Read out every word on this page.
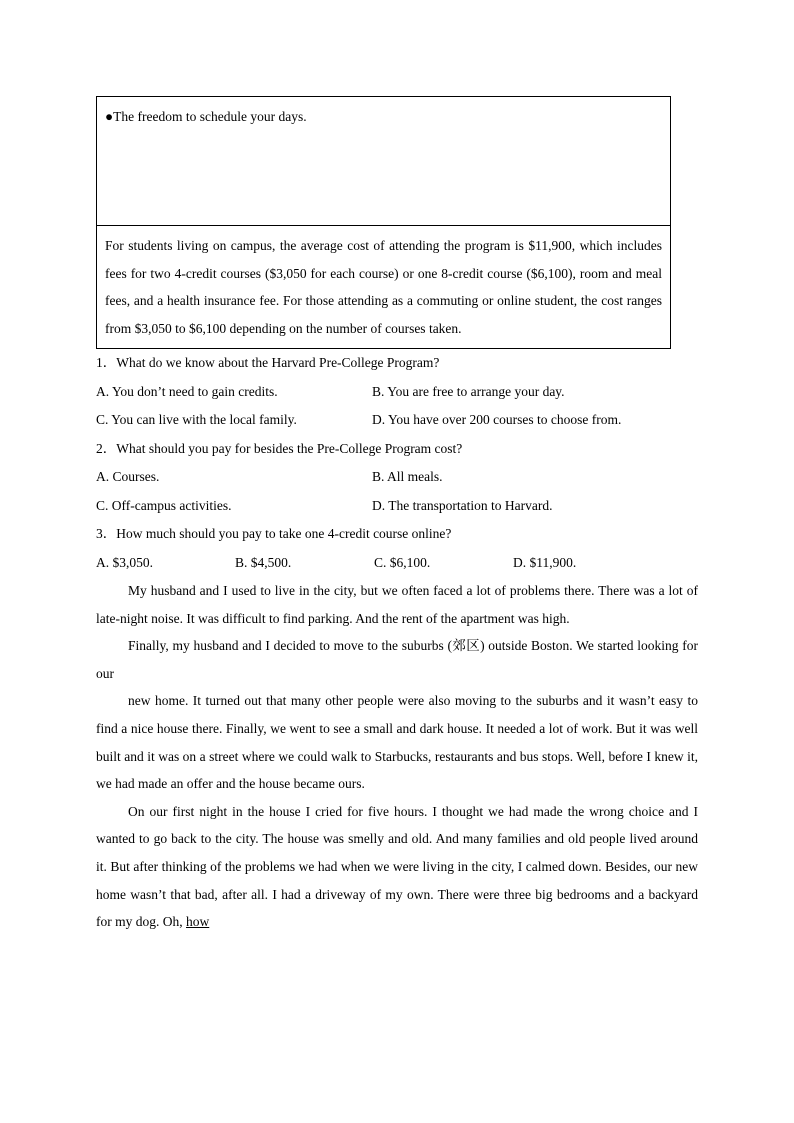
●The freedom to schedule your days.
For students living on campus, the average cost of attending the program is $11,900, which includes fees for two 4-credit courses ($3,050 for each course) or one 8-credit course ($6,100), room and meal fees, and a health insurance fee. For those attending as a commuting or online student, the cost ranges from $3,050 to $6,100 depending on the number of courses taken.
1．What do we know about the Harvard Pre-College Program?
A. You don’t need to gain credits.	B. You are free to arrange your day.
C. You can live with the local family.	D. You have over 200 courses to choose from.
2．What should you pay for besides the Pre-College Program cost?
A. Courses.	B. All meals.
C. Off-campus activities.	D. The transportation to Harvard.
3．How much should you pay to take one 4-credit course online?
A. $3,050.	B. $4,500.	C. $6,100.	D. $11,900.

My husband and I used to live in the city, but we often faced a lot of problems there. There was a lot of late-night noise. It was difficult to find parking. And the rent of the apartment was high.

Finally, my husband and I decided to move to the suburbs (郊区) outside Boston. We started looking for our

new home. It turned out that many other people were also moving to the suburbs and it wasn’t easy to find a nice house there. Finally, we went to see a small and dark house. It needed a lot of work. But it was well built and it was on a street where we could walk to Starbucks, restaurants and bus stops. Well, before I knew it, we had made an offer and the house became ours.

On our first night in the house I cried for five hours. I thought we had made the wrong choice and I wanted to go back to the city. The house was smelly and old. And many families and old people lived around it. But after thinking of the problems we had when we were living in the city, I calmed down. Besides, our new home wasn’t that bad, after all. I had a driveway of my own. There were three big bedrooms and a backyard for my dog. Oh, how
